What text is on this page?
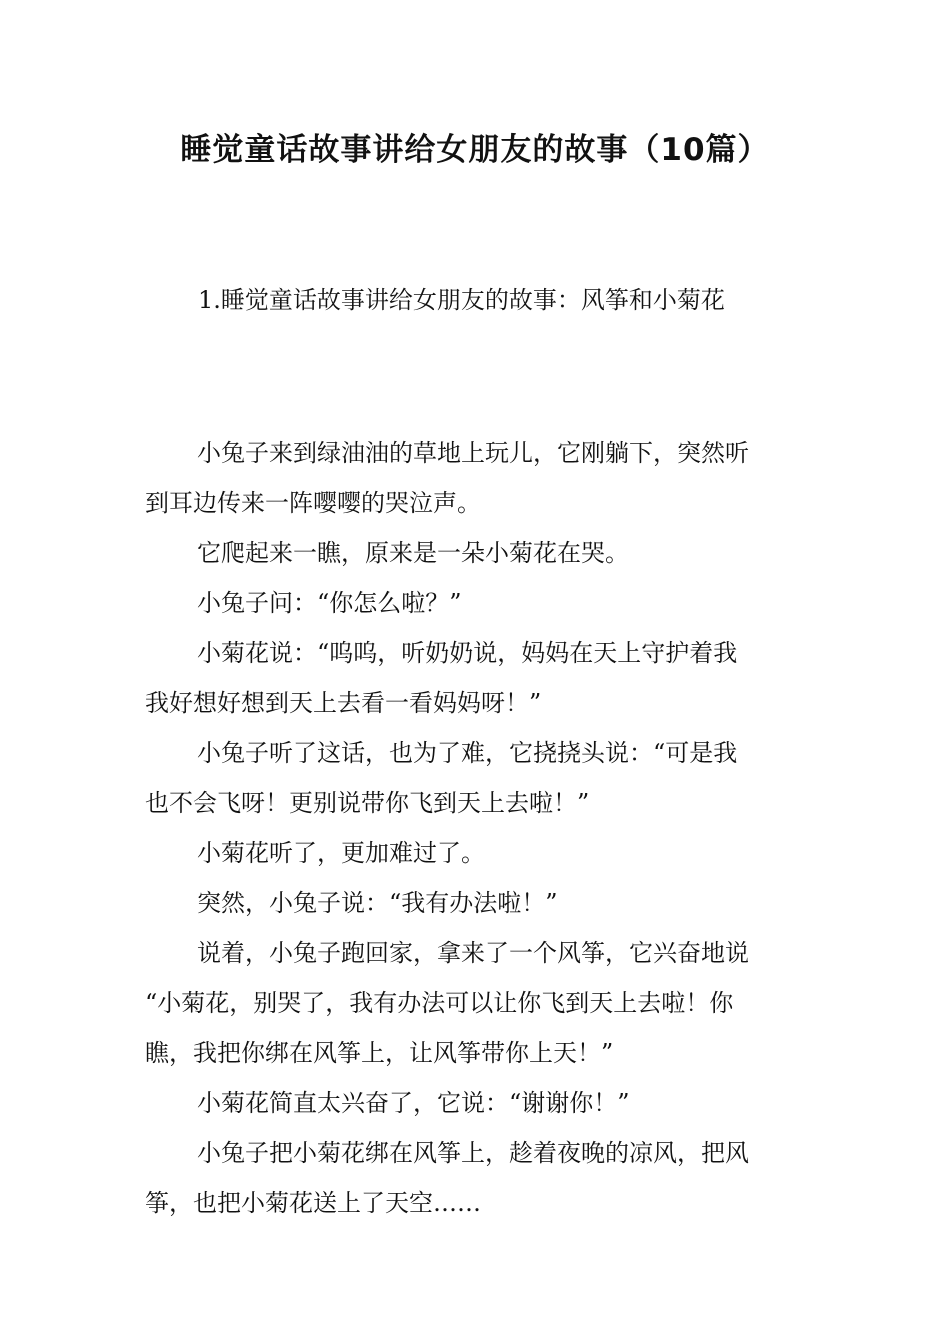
睡觉童话故事讲给女朋友的故事（10篇）
1.睡觉童话故事讲给女朋友的故事：风筝和小菊花

小兔子来到绿油油的草地上玩儿，它刚躺下，突然听
到耳边传来一阵嘤嘤的哭泣声。

它爬起来一瞧，原来是一朵小菊花在哭。

小兔子问：“你怎么啦？”

小菊花说：“呜呜，听奶奶说，妈妈在天上守护着我
我好想好想到天上去看一看妈妈呀！”

小兔子听了这话，也为了难，它挠挠头说：“可是我
也不会飞呀！更别说带你飞到天上去啦！”

小菊花听了，更加难过了。

突然，小兔子说：“我有办法啦！”

说着，小兔子跑回家，拿来了一个风筝，它兴奋地说
“小菊花，别哭了，我有办法可以让你飞到天上去啦！你
瞧，我把你绑在风筝上，让风筝带你上天！”

小菊花简直太兴奋了，它说：“谢谢你！”

小兔子把小菊花绑在风筝上，趁着夜晚的凉风，把风
筝，也把小菊花送上了天空……
